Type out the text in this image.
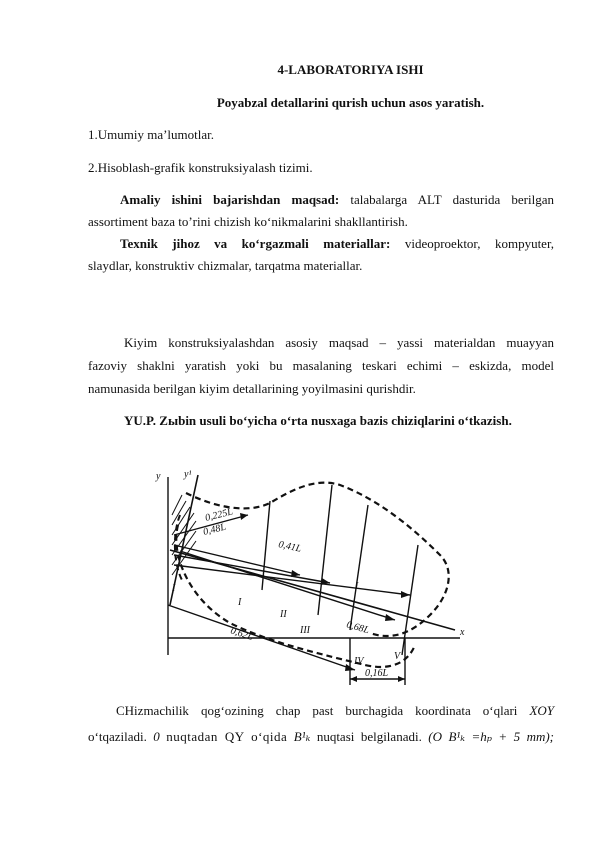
4-LABORATORIYA ISHI
Poyabzal detallarini qurish uchun asos yaratish.
1.Umumiy ma’lumotlar.
2.Hisoblash-grafik konstruksiyalash tizimi.
Amaliy ishini bajarishdan maqsad: talabalarga ALT dasturida berilgan
assortiment baza to’rini chizish ko‘nikmalarini shakllantirish.
Texnik jihoz va ko‘rgazmali materiallar: videoproektor, kompyuter,
slaydlar, konstruktiv chizmalar, tarqatma materiallar.
Kiyim konstruksiyalashdan asosiy maqsad – yassi materialdan muayyan
fazoviy shaklni yaratish yoki bu masalaning teskari echimi – eskizda, model
namunasida berilgan kiyim detallarining yoyilmasini qurishdir.
YU.P. Zыbin usuli bo‘yicha o‘rta nusxaga bazis chiziqlarini o‘tkazish.
y y¹
x
0,225L
0,48L
0,41L
0,68L
0,62L
0,16L
I
I
I
II
III
IV	V
CHizmachilik qog‘ozining chap past burchagida koordinata o‘qlari XOY
o‘tqaziladi. 0 nuqtadan QY o‘qida B¹ₖ nuqtasi belgilanadi. (O B¹ₖ =hₚ + 5 mm);
